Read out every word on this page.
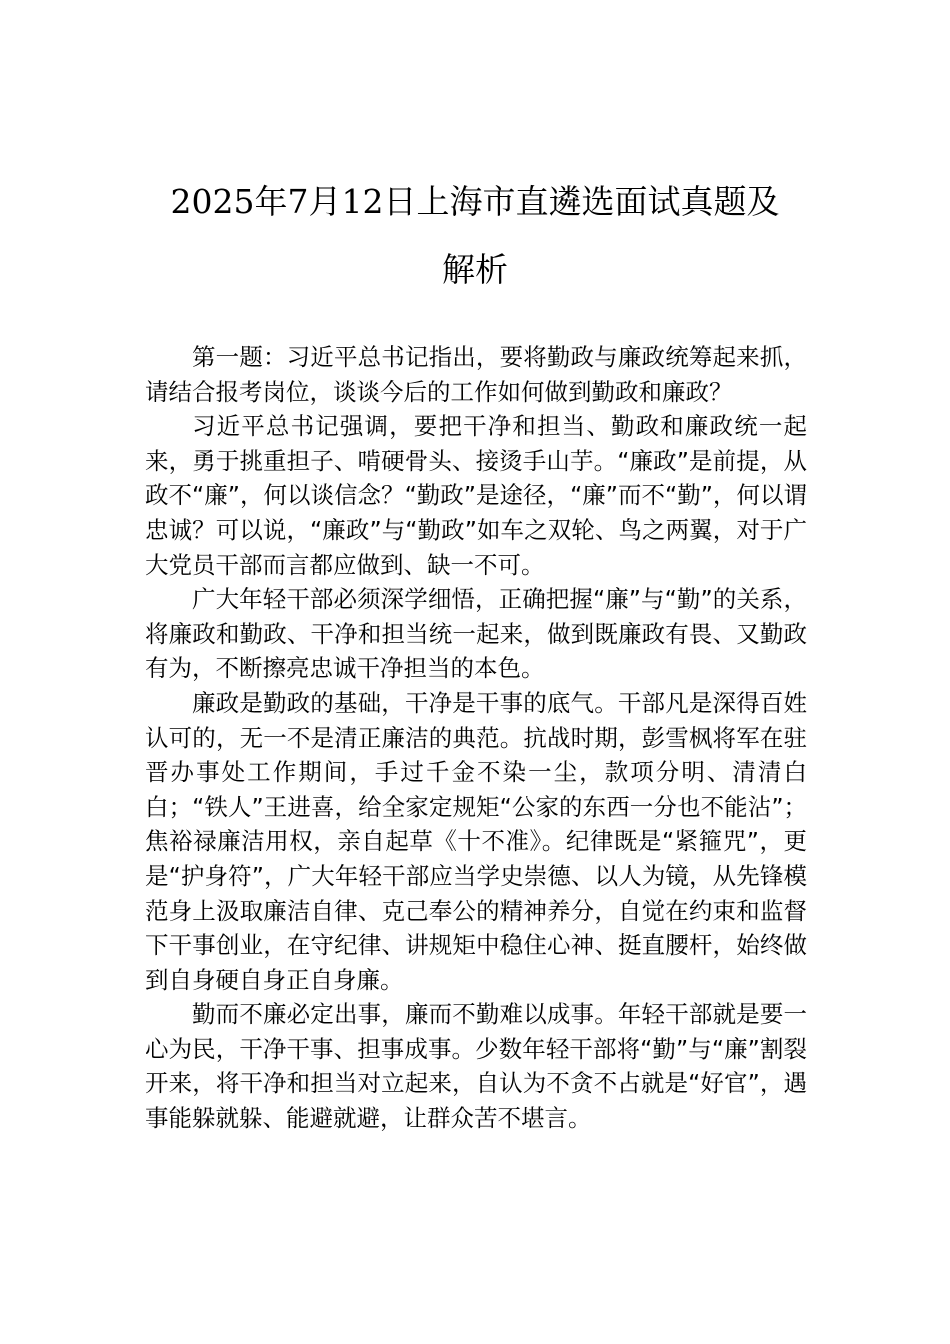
2025年7月12日上海市直遴选面试真题及
解析

第一题：习近平总书记指出，要将勤政与廉政统筹起来抓，请结合报考岗位，谈谈今后的工作如何做到勤政和廉政？

习近平总书记强调，要把干净和担当、勤政和廉政统一起来，勇于挑重担子、啃硬骨头、接烫手山芋。“廉政”是前提，从政不“廉”，何以谈信念？“勤政”是途径，“廉”而不“勤”，何以谓忠诚？可以说，“廉政”与“勤政”如车之双轮、鸟之两翼，对于广大党员干部而言都应做到、缺一不可。

广大年轻干部必须深学细悟，正确把握“廉”与“勤”的关系，将廉政和勤政、干净和担当统一起来，做到既廉政有畏、又勤政有为，不断擦亮忠诚干净担当的本色。

廉政是勤政的基础，干净是干事的底气。干部凡是深得百姓认可的，无一不是清正廉洁的典范。抗战时期，彭雪枫将军在驻晋办事处工作期间，手过千金不染一尘，款项分明、清清白白；“铁人”王进喜，给全家定规矩“公家的东西一分也不能沾”；焦裕禄廉洁用权，亲自起草《十不准》。纪律既是“紧箍咒”，更是“护身符”，广大年轻干部应当学史崇德、以人为镜，从先锋模范身上汲取廉洁自律、克己奉公的精神养分，自觉在约束和监督下干事创业，在守纪律、讲规矩中稳住心神、挺直腰杆，始终做到自身硬自身正自身廉。

勤而不廉必定出事，廉而不勤难以成事。年轻干部就是要一心为民，干净干事、担事成事。少数年轻干部将“勤”与“廉”割裂开来，将干净和担当对立起来，自认为不贪不占就是“好官”，遇事能躲就躲、能避就避，让群众苦不堪言。
